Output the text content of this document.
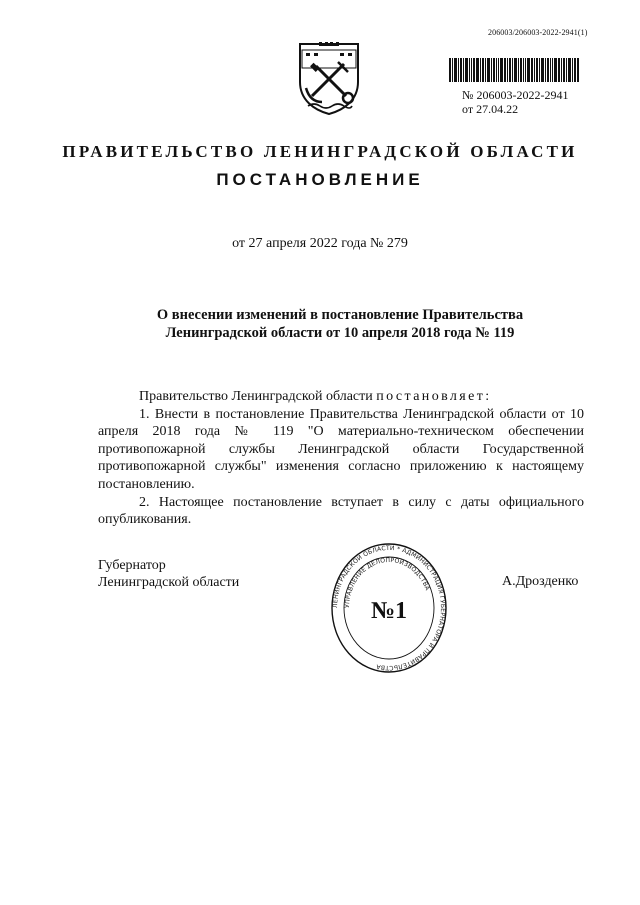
206003/206003-2022-2941(1)
№ 206003-2022-2941
от 27.04.22
ПРАВИТЕЛЬСТВО ЛЕНИНГРАДСКОЙ ОБЛАСТИ
ПОСТАНОВЛЕНИЕ
от 27 апреля 2022 года № 279
О внесении изменений в постановление Правительства
Ленинградской области от 10 апреля 2018 года № 119

Правительство Ленинградской области постановляет:

1. Внести в постановление Правительства Ленинградской области от 10 апреля 2018 года № 119 "О материально-техническом обеспечении противопожарной службы Ленинградской области Государственной противопожарной службы" изменения согласно приложению к настоящему постановлению.

2. Настоящее постановление вступает в силу с даты официального опубликования.

Губернатор
Ленинградской области	А.Дрозденко
ЛЕНИНГРАДСКОЙ ОБЛАСТИ * АДМИНИСТРАЦИЯ ГУБЕРНАТОРА И ПРАВИТЕЛЬСТВА
УПРАВЛЕНИЕ ДЕЛОПРОИЗВОДСТВА
№1
